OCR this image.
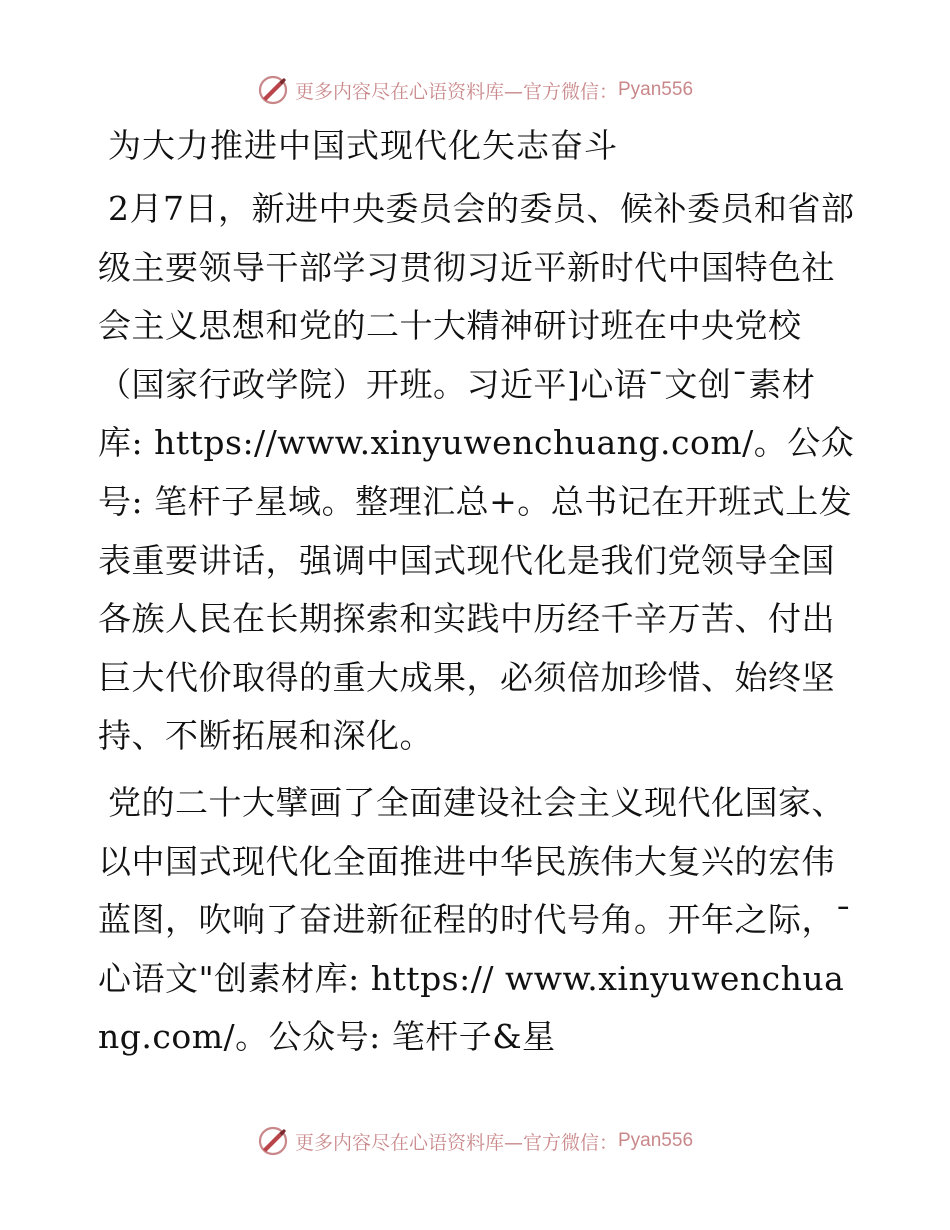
更多内容尽在心语资料库—官方微信： Pyan556
为大力推进中国式现代化矢志奋斗

2月7日，新进中央委员会的委员、候补委员和省部级主要领导干部学习贯彻习近平新时代中国特色社会主义思想和党的二十大精神研讨班在中央党校（国家行政学院）开班。习近平]心语¯文创¯素材库: https://www.xinyuwenchuang.com/。公众号: 笔杆子星域。整理汇总+。总书记在开班式上发表重要讲话，强调中国式现代化是我们党领导全国各族人民在长期探索和实践中历经千辛万苦、付出巨大代价取得的重大成果，必须倍加珍惜、始终坚持、不断拓展和深化。

党的二十大擘画了全面建设社会主义现代化国家、以中国式现代化全面推进中华民族伟大复兴的宏伟蓝图，吹响了奋进新征程的时代号角。开年之际，¯心语文"创素材库: https:// www.xinyuwenchuang.com/。公众号: 笔杆子&星

更多内容尽在心语资料库—官方微信： Pyan556
